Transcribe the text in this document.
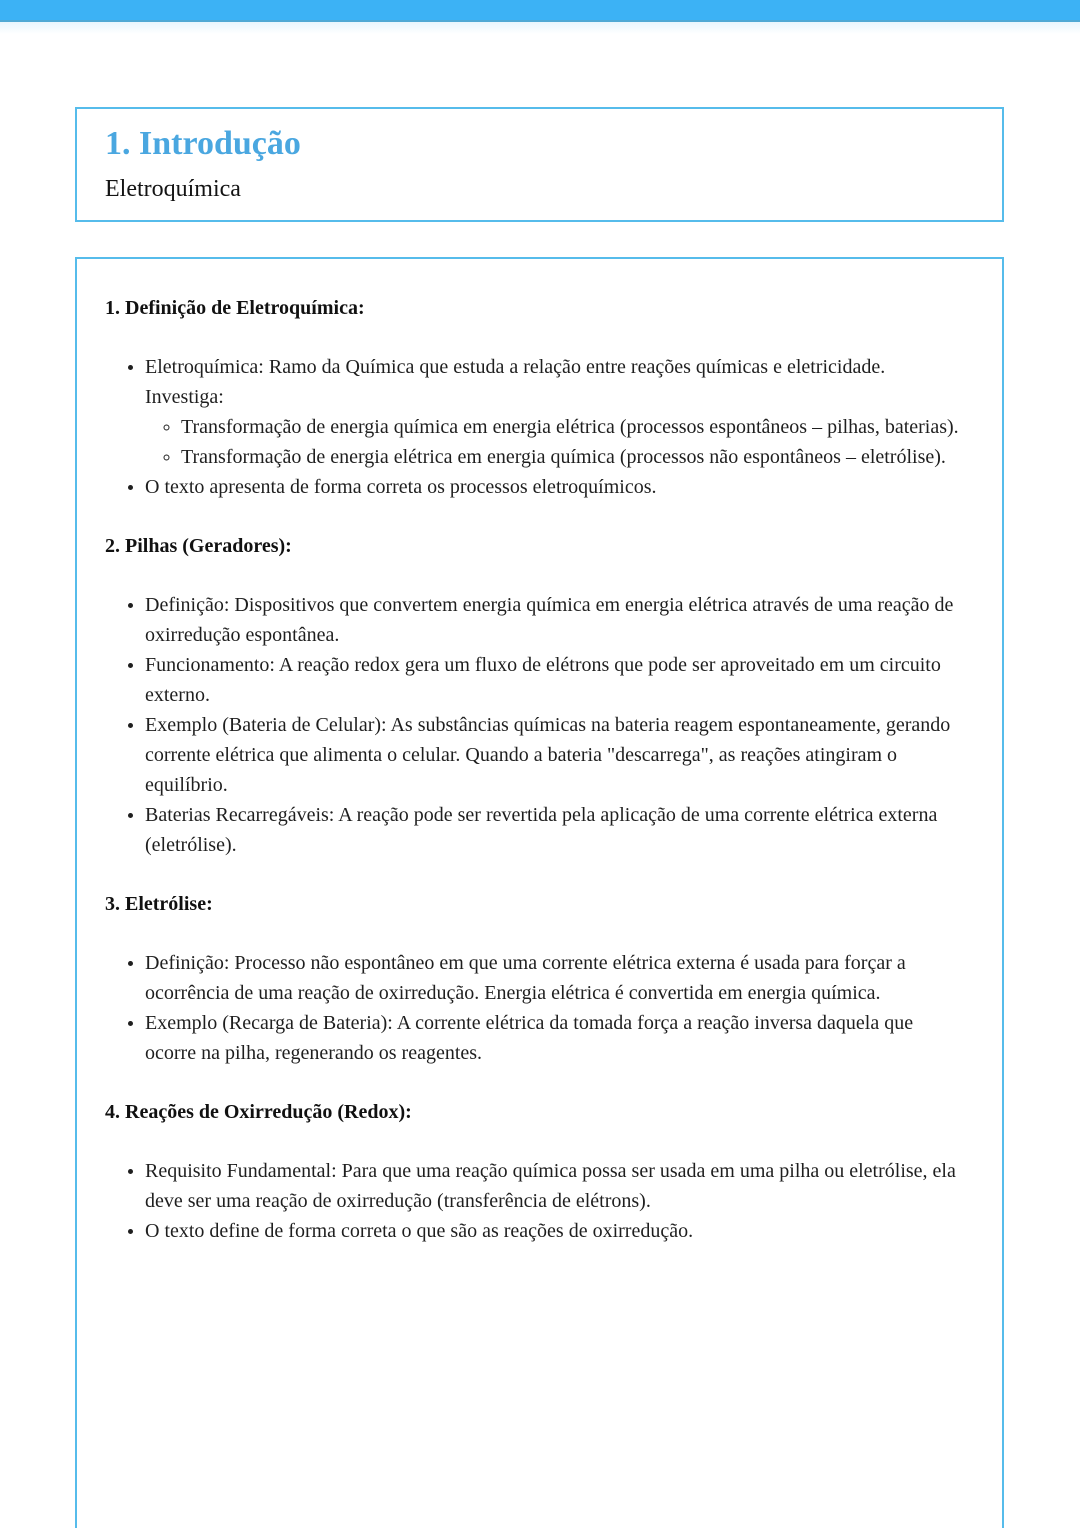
1. Introdução
Eletroquímica
1. Definição de Eletroquímica:
• Eletroquímica: Ramo da Química que estuda a relação entre reações químicas e eletricidade. Investiga:
◦ Transformação de energia química em energia elétrica (processos espontâneos – pilhas, baterias).
◦ Transformação de energia elétrica em energia química (processos não espontâneos – eletrólise).
• O texto apresenta de forma correta os processos eletroquímicos.
2. Pilhas (Geradores):
• Definição: Dispositivos que convertem energia química em energia elétrica através de uma reação de oxirredução espontânea.
• Funcionamento: A reação redox gera um fluxo de elétrons que pode ser aproveitado em um circuito externo.
• Exemplo (Bateria de Celular): As substâncias químicas na bateria reagem espontaneamente, gerando corrente elétrica que alimenta o celular. Quando a bateria "descarrega", as reações atingiram o equilíbrio.
• Baterias Recarregáveis: A reação pode ser revertida pela aplicação de uma corrente elétrica externa (eletrólise).
3. Eletrólise:
• Definição: Processo não espontâneo em que uma corrente elétrica externa é usada para forçar a ocorrência de uma reação de oxirredução. Energia elétrica é convertida em energia química.
• Exemplo (Recarga de Bateria): A corrente elétrica da tomada força a reação inversa daquela que ocorre na pilha, regenerando os reagentes.
4. Reações de Oxirredução (Redox):
• Requisito Fundamental: Para que uma reação química possa ser usada em uma pilha ou eletrólise, ela deve ser uma reação de oxirredução (transferência de elétrons).
• O texto define de forma correta o que são as reações de oxirredução.
